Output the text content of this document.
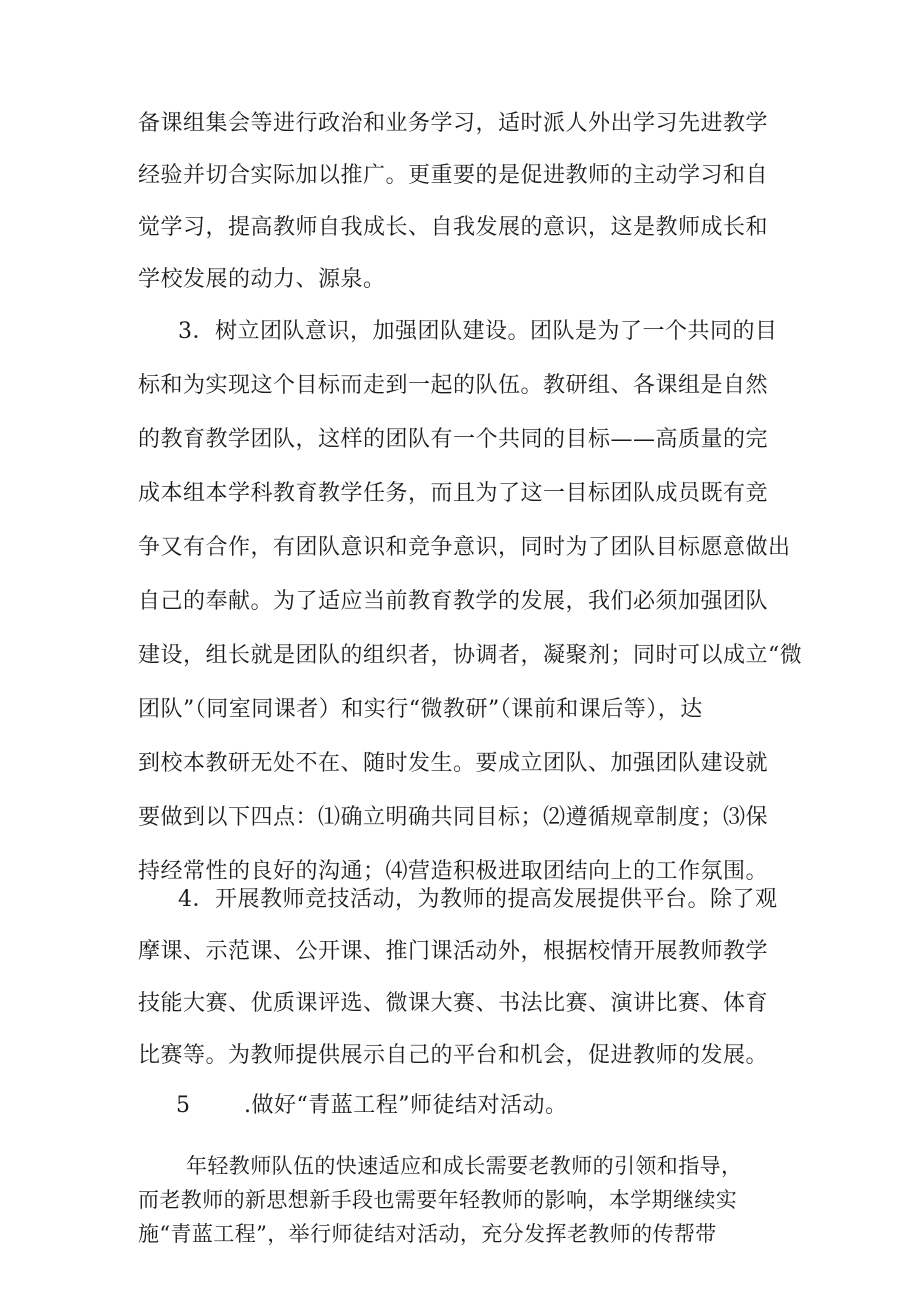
备课组集会等进行政治和业务学习，适时派人外出学习先进教学
经验并切合实际加以推广。更重要的是促进教师的主动学习和自
觉学习，提高教师自我成长、自我发展的意识，这是教师成长和
学校发展的动力、源泉。
3．树立团队意识，加强团队建设。团队是为了一个共同的目
标和为实现这个目标而走到一起的队伍。教研组、各课组是自然
的教育教学团队，这样的团队有一个共同的目标——高质量的完
成本组本学科教育教学任务，而且为了这一目标团队成员既有竞
争又有合作，有团队意识和竞争意识，同时为了团队目标愿意做出
自己的奉献。为了适应当前教育教学的发展，我们必须加强团队
建设，组长就是团队的组织者，协调者，凝聚剂；同时可以成立“微
团队”（同室同课者）和实行“微教研”（课前和课后等），达
到校本教研无处不在、随时发生。要成立团队、加强团队建设就
要做到以下四点：⑴确立明确共同目标；⑵遵循规章制度；⑶保
持经常性的良好的沟通；⑷营造积极进取团结向上的工作氛围。
4．开展教师竞技活动，为教师的提高发展提供平台。除了观
摩课、示范课、公开课、推门课活动外，根据校情开展教师教学
技能大赛、优质课评选、微课大赛、书法比赛、演讲比赛、体育
比赛等。为教师提供展示自己的平台和机会，促进教师的发展。
5 .做好“青蓝工程”师徒结对活动。
年轻教师队伍的快速适应和成长需要老教师的引领和指导，
而老教师的新思想新手段也需要年轻教师的影响，本学期继续实
施“青蓝工程”，举行师徒结对活动，充分发挥老教师的传帮带
